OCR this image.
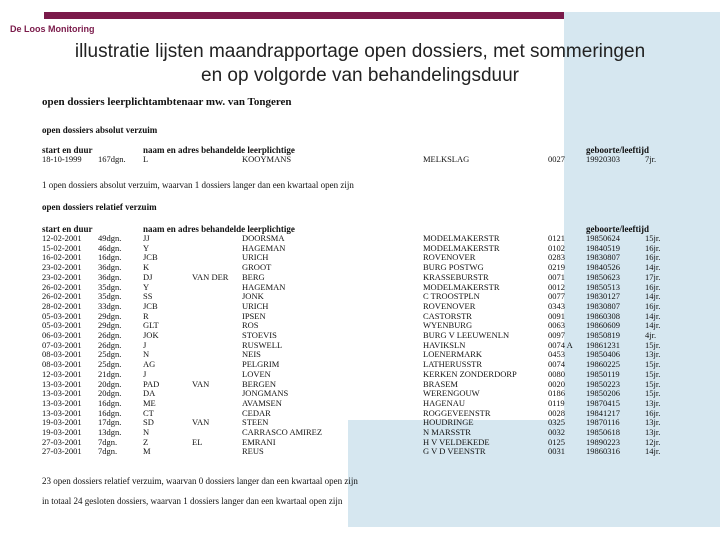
De Loos Monitoring
illustratie lijsten maandrapportage open dossiers, met sommeringen
en op volgorde van behandelingsduur
open dossiers leerplichtambtenaar mw. van Tongeren
open dossiers absolut verzuim
start en duur	naam en adres behandelde leerplichtige	geboorte/leeftijd
18-10-1999 167dgn. L	KOOYMANS	MELKSLAG	0027 19920303	7jr.
1 open dossiers absolut verzuim, waarvan 1 dossiers langer dan een kwartaal open zijn
open dossiers relatief verzuim
start en duur	naam en adres behandelde leerplichtige	geboorte/leeftijd
12-02-2001 49dgn.	JJ	DOORSMA	MODELMAKERSTR	0121 19850624	15jr.
15-02-2001 46dgn.	Y	HAGEMAN	MODELMAKERSTR	0102 19840519	16jr.
16-02-2001 16dgn.	JCB	URICH	ROVENOVER	0283 19830807	16jr.
23-02-2001 36dgn.	K	GROOT	BURG POSTWG	0219 19840526	14jr.
23-02-2001 36dgn.	DJ	VAN DER BERG	KRASSEBURSTR	0071 19850623	17jr.
26-02-2001 35dgn.	Y	HAGEMAN	MODELMAKERSTR	0012 19850513	16jr.
26-02-2001 35dgn.	SS	JONK	C TROOSTPLN	0077 19830127	14jr.
28-02-2001 33dgn.	JCB	URICH	ROVENOVER	0343 19830807	16jr.
05-03-2001 29dgn.	R	IPSEN	CASTORSTR	0091 19860308	14jr.
05-03-2001 29dgn.	GLT	ROS	WYENBURG	0063 19860609	14jr.
06-03-2001 26dgn.	JOK	STOEVIS	BURG V LEEUWENLN	0097 19850819	4jr.
07-03-2001 26dgn.	J	RUSWELL	HAVIKSLN	0074 A 19861231	15jr.
08-03-2001 25dgn.	N	NEIS	LOENERMARK	0453 19850406	13jr.
08-03-2001 25dgn.	AG	PELGRIM	LATHERUSSTR	0074 19860225	15jr.
12-03-2001 21dgn.	J	LOVEN	KERKEN ZONDERDORP	0080 19850119	15jr.
13-03-2001 20dgn.	PAD	VAN	BERGEN	BRASEM	0020 19850223	15jr.
13-03-2001 20dgn.	DA	JONGMANS	WERENGOUW	0186 19850206	15jr.
13-03-2001 16dgn.	ME	AVAMSEN	HAGENAU	0119	19870415	13jr.
13-03-2001 16dgn.	CT	CEDAR	ROGGEVEENSTR	0028 19841217	16jr.
19-03-2001 17dgn.	SD	VAN	STEEN	HOUDRINGE	0325 19870116	13jr.
19-03-2001 13dgn.	N	CARRASCO AMIREZ	N MARSSTR	0032 19850618	13jr.
27-03-2001 7dgn.	Z	EL	EMRANI	H V VELDEKEDE	0125 19890223	12jr.
27-03-2001 7dgn.	M	REUS	G V D VEENSTR	0031 19860316	14jr.
23 open dossiers relatief verzuim, waarvan 0 dossiers langer dan een kwartaal open zijn
in totaal 24 gesloten dossiers, waarvan 1 dossiers langer dan een kwartaal open zijn
